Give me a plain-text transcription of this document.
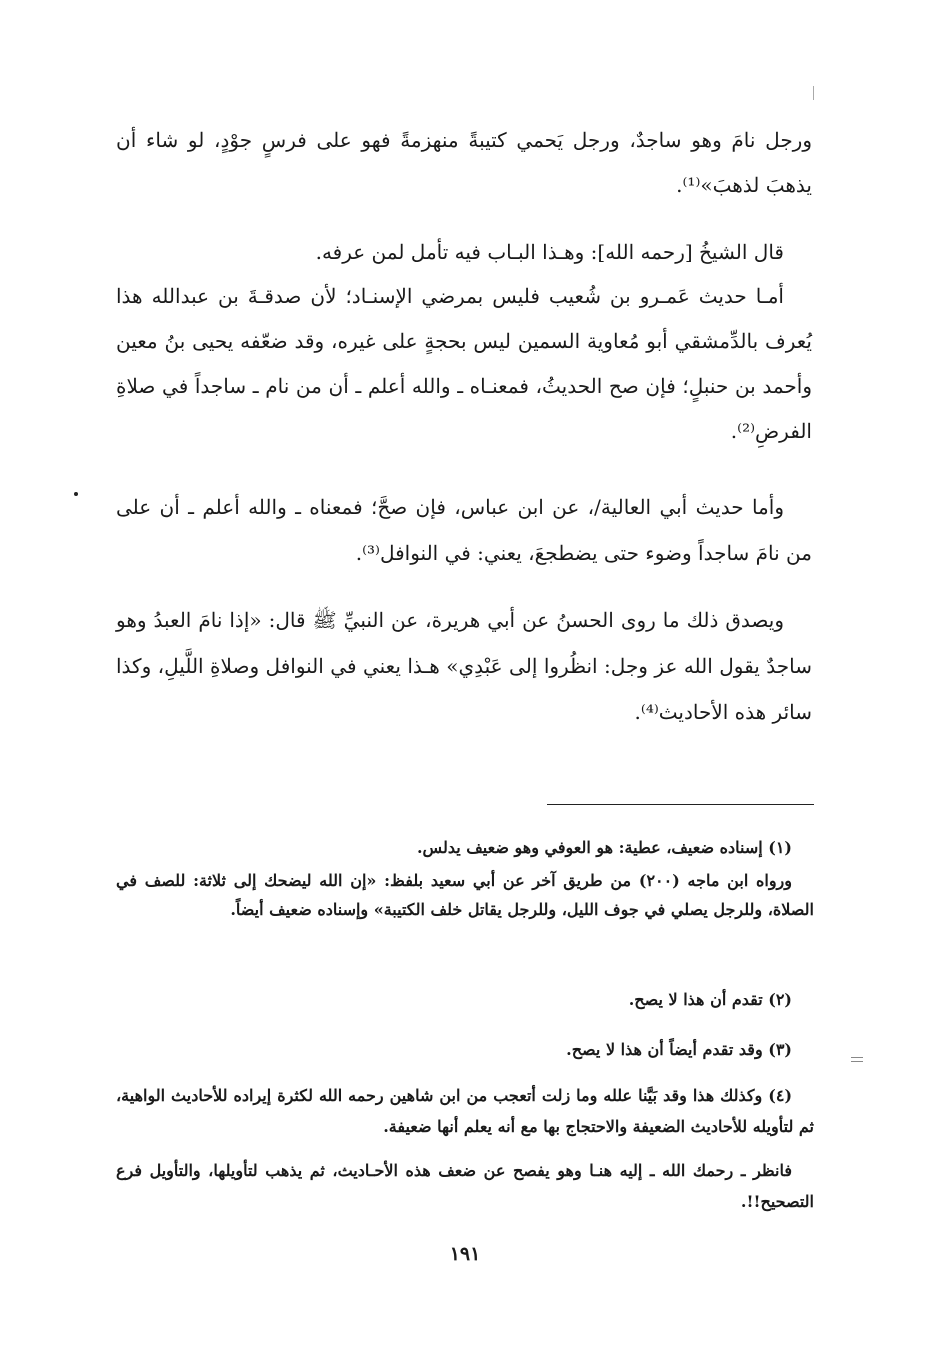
ورجل نامَ وهو ساجدٌ، ورجل يَحمي كتيبةً منهزمةً فهو على فرسٍ جوْدٍ، لو شاء أن يذهبَ لذهبَ»⁽¹⁾.

قال الشيخُ [رحمه الله]: وهـذا البـاب فيه تأمل لمن عرفه.

أمـا حديث عَمـرو بن شُعيب فليس بمرضي الإسنـاد؛ لأن صدقـةَ بن عبدالله هذا يُعرف بالدِّمشقي أبو مُعاوية السمين ليس بحجةٍ على غيره، وقد ضعّفه يحيى بنُ معين وأحمد بن حنبلٍ؛ فإن صح الحديثُ، فمعنـاه ـ والله أعلم ـ أن من نام ـ ساجداً في صلاةِ الفرضِ⁽²⁾.

وأما حديث أبي العالية/، عن ابن عباس، فإن صحَّ؛ فمعناه ـ والله أعلم ـ أن على من نامَ ساجداً وضوء حتى يضطجعَ، يعني: في النوافل⁽³⁾.

ويصدق ذلك ما روى الحسنُ عن أبي هريرة، عن النبيِّ ﷺ قال: «إذا نامَ العبدُ وهو ساجدٌ يقول الله عز وجل: انظُروا إلى عَبْدِي» هـذا يعني في النوافل وصلاةِ اللَّيلِ، وكذا سائر هذه الأحاديث⁽⁴⁾.

(١) إسناده ضعيف، عطية: هو العوفي وهو ضعيف يدلس.

ورواه ابن ماجه (٢٠٠) من طريق آخر عن أبي سعيد بلفظ: «إن الله ليضحك إلى ثلاثة: للصف في الصلاة، وللرجل يصلي في جوف الليل، وللرجل يقاتل خلف الكتيبة» وإسناده ضعيف أيضاً.

(٢) تقدم أن هذا لا يصح.

(٣) وقد تقدم أيضاً أن هذا لا يصح.

(٤) وكذلك هذا وقد بَيَّنا علله وما زلت أتعجب من ابن شاهين رحمه الله لكثرة إيراده للأحاديث الواهية، ثم لتأويله للأحاديث الضعيفة والاحتجاج بها مع أنه يعلم أنها ضعيفة.

فانظر ـ رحمك الله ـ إليه هنـا وهو يفصح عن ضعف هذه الأحـاديث، ثم يذهب لتأويلها، والتأويل فرع التصحيح!!.

١٩١
